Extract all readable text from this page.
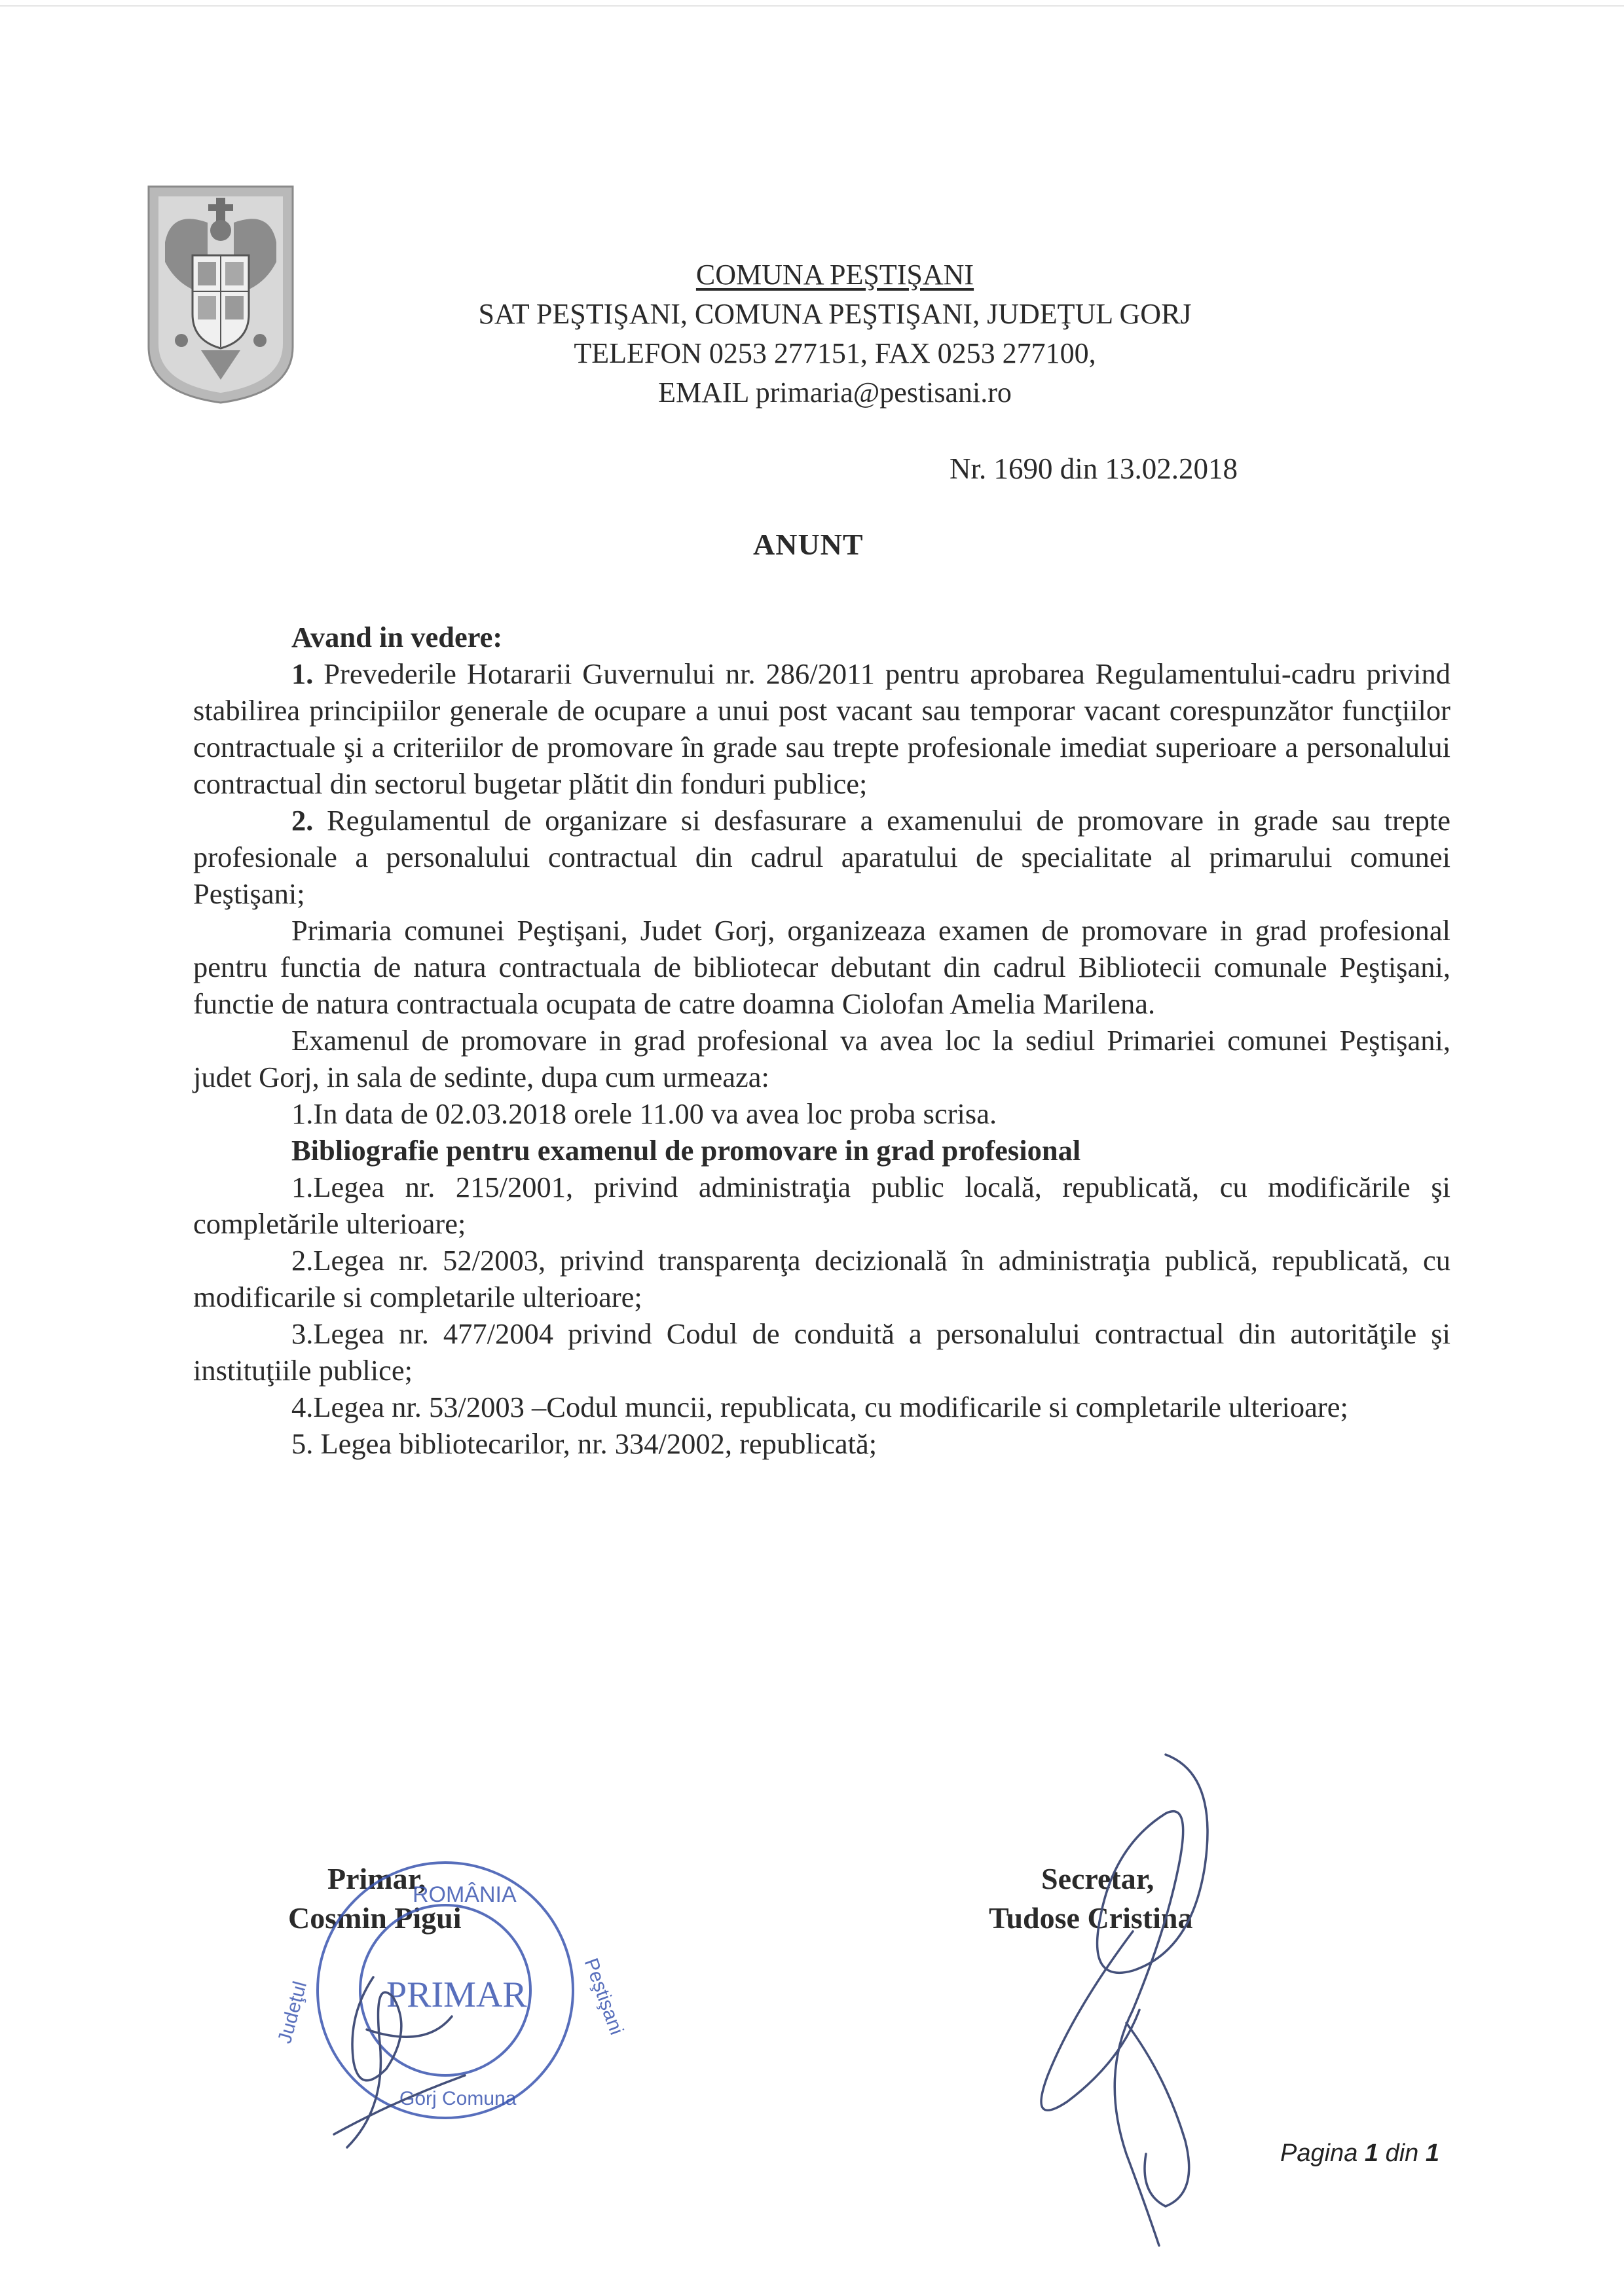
COMUNA PEŞTIŞANI
SAT PEŞTIŞANI, COMUNA PEŞTIŞANI, JUDEŢUL GORJ
TELEFON 0253 277151, FAX 0253 277100,
EMAIL primaria@pestisani.ro
Nr. 1690 din 13.02.2018
ANUNT

Avand in vedere:

1. Prevederile Hotararii Guvernului nr. 286/2011 pentru aprobarea Regulamentului-cadru privind stabilirea principiilor generale de ocupare a unui post vacant sau temporar vacant corespunzător funcţiilor contractuale şi a criteriilor de promovare în grade sau trepte profesionale imediat superioare a personalului contractual din sectorul bugetar plătit din fonduri publice;

2. Regulamentul de organizare si desfasurare a examenului de promovare in grade sau trepte profesionale a personalului contractual din cadrul aparatului de specialitate al primarului comunei Peştişani;

Primaria comunei Peştişani, Judet Gorj, organizeaza examen de promovare in grad profesional pentru functia de natura contractuala de bibliotecar debutant din cadrul Bibliotecii comunale Peştişani, functie de natura contractuala ocupata de catre doamna Ciolofan Amelia Marilena.

Examenul de promovare in grad profesional va avea loc la sediul Primariei comunei Peştişani, judet Gorj, in sala de sedinte, dupa cum urmeaza:

1.In data de 02.03.2018 orele 11.00 va avea loc proba scrisa.

Bibliografie pentru examenul de promovare in grad profesional

1.Legea nr. 215/2001, privind administraţia public locală, republicată, cu modificările şi completările ulterioare;

2.Legea nr. 52/2003, privind transparenţa decizională în administraţia publică, republicată, cu modificarile si completarile ulterioare;

3.Legea nr. 477/2004 privind Codul de conduită a personalului contractual din autorităţile şi instituţiile publice;

4.Legea nr. 53/2003 –Codul muncii, republicata, cu modificarile si completarile ulterioare;

5. Legea bibliotecarilor, nr. 334/2002, republicată;

Primar,
Cosmin Pigui
ROMÂNIA
PRIMAR
Judeţul	Peştişani
Gorj Comuna
Secretar,
Tudose Cristina
Pagina 1 din 1
